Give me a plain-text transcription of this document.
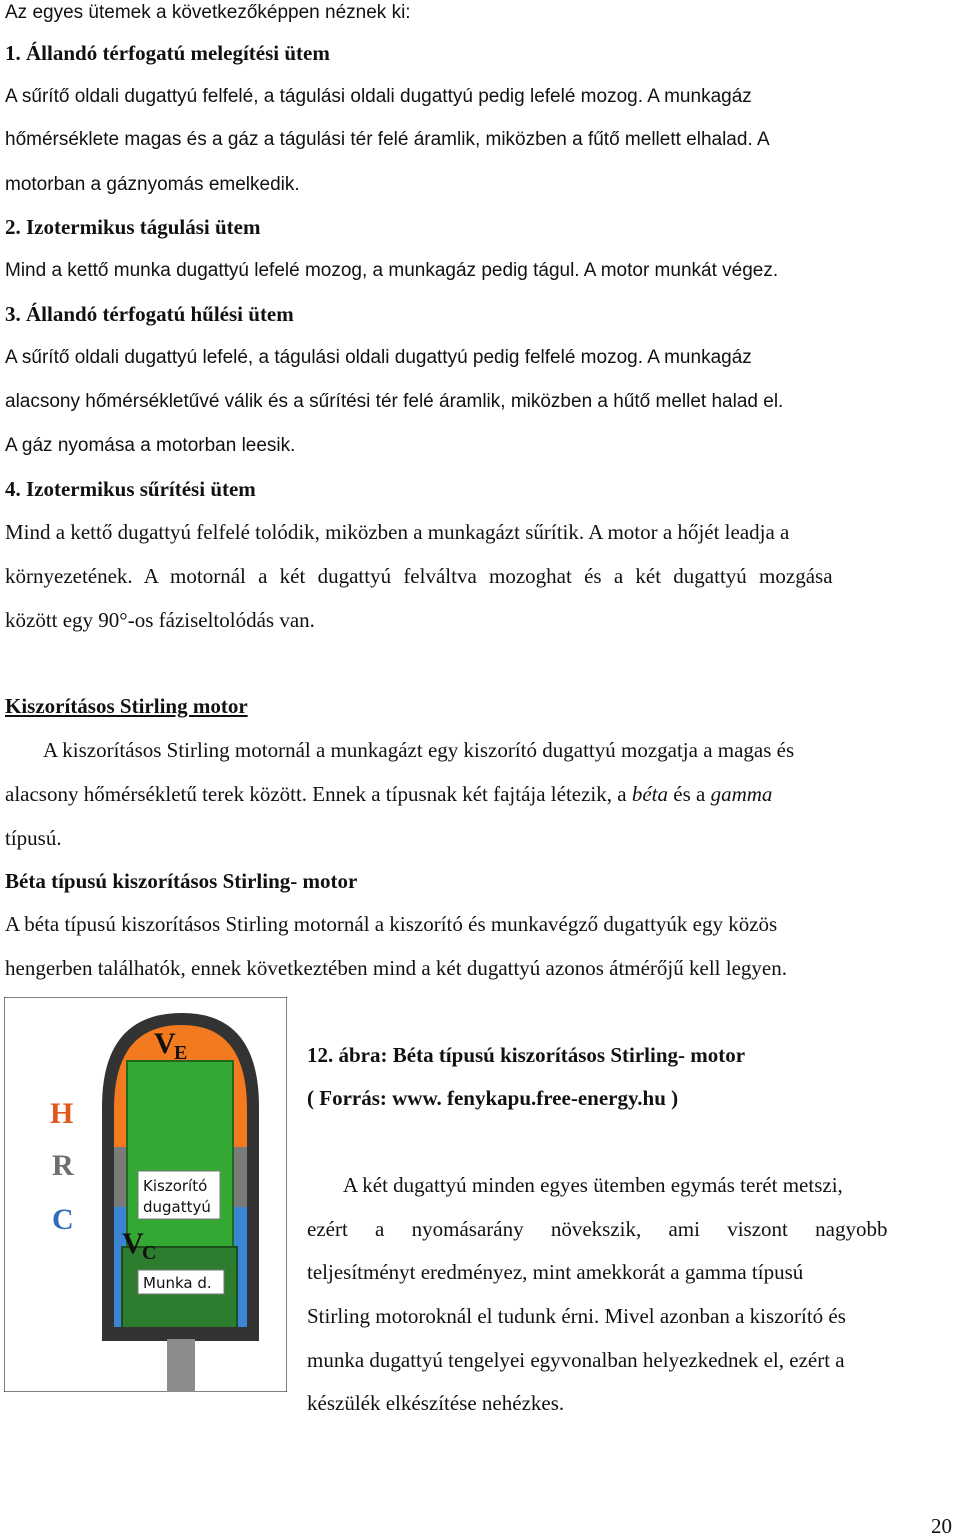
Az egyes ütemek a következőképpen néznek ki:
1. Állandó térfogatú melegítési ütem
A sűrítő oldali dugattyú felfelé, a tágulási oldali dugattyú pedig lefelé mozog. A munkagáz
hőmérséklete magas és a gáz a tágulási tér felé áramlik, miközben a fűtő mellett elhalad. A
motorban a gáznyomás emelkedik.
2. Izotermikus tágulási ütem
Mind a kettő munka dugattyú lefelé mozog, a munkagáz pedig tágul. A motor munkát végez.
3. Állandó térfogatú hűlési ütem
A sűrítő oldali dugattyú lefelé, a tágulási oldali dugattyú pedig felfelé mozog. A munkagáz
alacsony hőmérsékletűvé válik és a sűrítési tér felé áramlik, miközben a hűtő mellet halad el.
A gáz nyomása a motorban leesik.
4. Izotermikus sűrítési ütem
Mind a kettő dugattyú felfelé tolódik, miközben a munkagázt sűrítik. A motor a hőjét leadja a
környezetének. A motornál a két dugattyú felváltva mozoghat és a két dugattyú mozgása
között egy 90°-os fáziseltolódás van.
Kiszorításos Stirling motor
A kiszorításos Stirling motornál a munkagázt egy kiszorító dugattyú mozgatja a magas és
alacsony hőmérsékletű terek között. Ennek a típusnak két fajtája létezik, a béta és a gamma
típusú.
Béta típusú kiszorításos Stirling- motor
A béta típusú kiszorításos Stirling motornál a kiszorító és munkavégző dugattyúk egy közös
hengerben találhatók, ennek következtében mind a két dugattyú azonos átmérőjű kell legyen.
H
R
C
V
E
V
C
Kiszorító
dugattyú
Munka d.
12. ábra: Béta típusú kiszorításos Stirling- motor
( Forrás: www. fenykapu.free-energy.hu )
A két dugattyú minden egyes ütemben egymás terét metszi,
ezért a nyomásarány növekszik, ami viszont nagyobb
teljesítményt eredményez, mint amekkorát a gamma típusú
Stirling motoroknál el tudunk érni. Mivel azonban a kiszorító és
munka dugattyú tengelyei egyvonalban helyezkednek el, ezért a
készülék elkészítése nehézkes.
20
